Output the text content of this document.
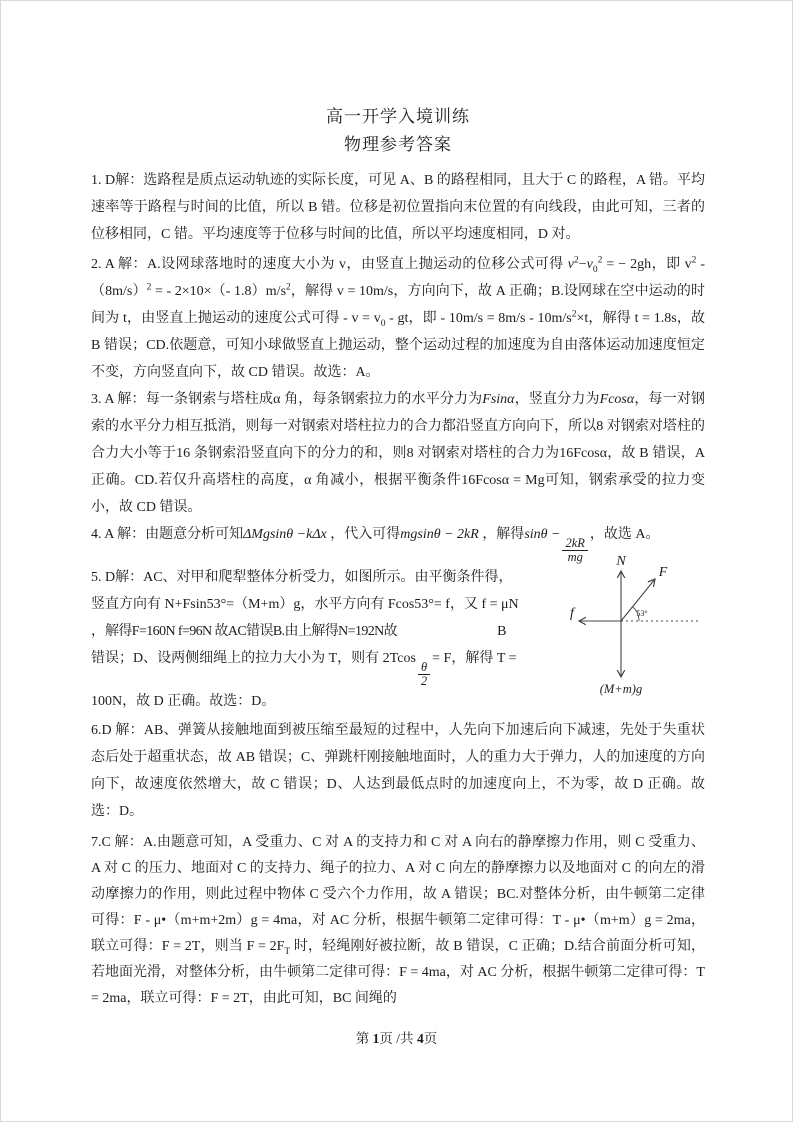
高一开学入境训练
物理参考答案

1. D解：选路程是质点运动轨迹的实际长度，可见 A、B 的路程相同，且大于 C 的路程，A 错。平均速率等于路程与时间的比值，所以 B 错。位移是初位置指向末位置的有向线段，由此可知，三者的位移相同，C 错。平均速度等于位移与时间的比值，所以平均速度相同，D 对。

2. A 解：A.设网球落地时的速度大小为 v，由竖直上抛运动的位移公式可得 $v^2-v_0^2$ = − 2gh，即 $v^2$ $-(8m/s)^2$ = - 2×10×（- $1.8)m/s^2$，解得 v = 10m/s，方向向下，故 A 正确；B.设网球在空中运动的时间为 t，由竖直上抛运动的速度公式可得 - $v = v_0$ - gt，即 - $10m/s = 8m/s - 10m/s^2\times t$，解得 t = 1.8s，故 B 错误；CD.依题意，可知小球做竖直上抛运动，整个运动过程的加速度为自由落体运动加速度恒定不变，方向竖直向下，故 CD 错误。故选：A。

3. A 解：每一条钢索与塔柱成α 角，每条钢索拉力的水平分力为Fsinα，竖直分力为Fcosα，每一对钢索的水平分力相互抵消，则每一对钢索对塔柱拉力的合力都沿竖直方向向下，所以8 对钢索对塔柱的合力大小等于16 条钢索沿竖直向下的分力的和，则8 对钢索对塔柱的合力为16Fcosα，故 B 错误，A 正确。CD.若仅升高塔柱的高度，α 角减小，根据平衡条件16Fcosα = Mg可知，钢索承受的拉力变小，故 CD 错误。

4. A 解：由题意分析可知ΔMgsinθ −kΔx ，代入可得mgsinθ − 2kR ，解得sinθ −
$\frac{2kR}{mg}$
，故选 A。

5. D解：AC、对甲和爬犁整体分析受力，如图所示。由平衡条件得，
竖直方向有 N+Fsin53°=（M+m）g，水平方向有 Fcos53°= f，又 f = μN
，解得F=160N f=96N 故AC错误B.由上解得N=192N故	B
错误；D、设两侧细绳上的拉力大小为 T，则有 2Tcos
$\frac{\theta}{2}$
= F，解得 T =
100N，故 D 正确。故选：D。

6.D 解：AB、弹簧从接触地面到被压缩至最短的过程中，人先向下加速后向下减速，先处于失重状态后处于超重状态，故 AB 错误；C、弹跳杆刚接触地面时，人的重力大于弹力，人的加速度的方向向下，故速度依然增大，故 C 错误；D、人达到最低点时的加速度向上，不为零，故 D 正确。故选：D。

7.C 解：A.由题意可知，A 受重力、C 对 A 的支持力和 C 对 A 向右的静摩擦力作用，则 C 受重力、A 对 C 的压力、地面对 C 的支持力、绳子的拉力、A 对 C 向左的静摩擦力以及地面对 C 的向左的滑动摩擦力的作用，则此过程中物体 C 受六个力作用，故 A 错误；BC.对整体分析，由牛顿第二定律可得：F - μ•（m+m+2m）g = 4ma，对 AC 分析，根据牛顿第二定律可得：T - μ•（m+m）g = 2ma，联立可得：F = 2T，则当 $F = 2F_T$ 时，轻绳刚好被拉断，故 B 错误，C 正确；D.结合前面分析可知，若地面光滑，对整体分析，由牛顿第二定律可得：F = 4ma，对 AC 分析，根据牛顿第二定律可得：T = 2ma，联立可得：F = 2T，由此可知，BC 间绳的

N
F
f
(M+m)g
53°
第 1页 /共 4页
